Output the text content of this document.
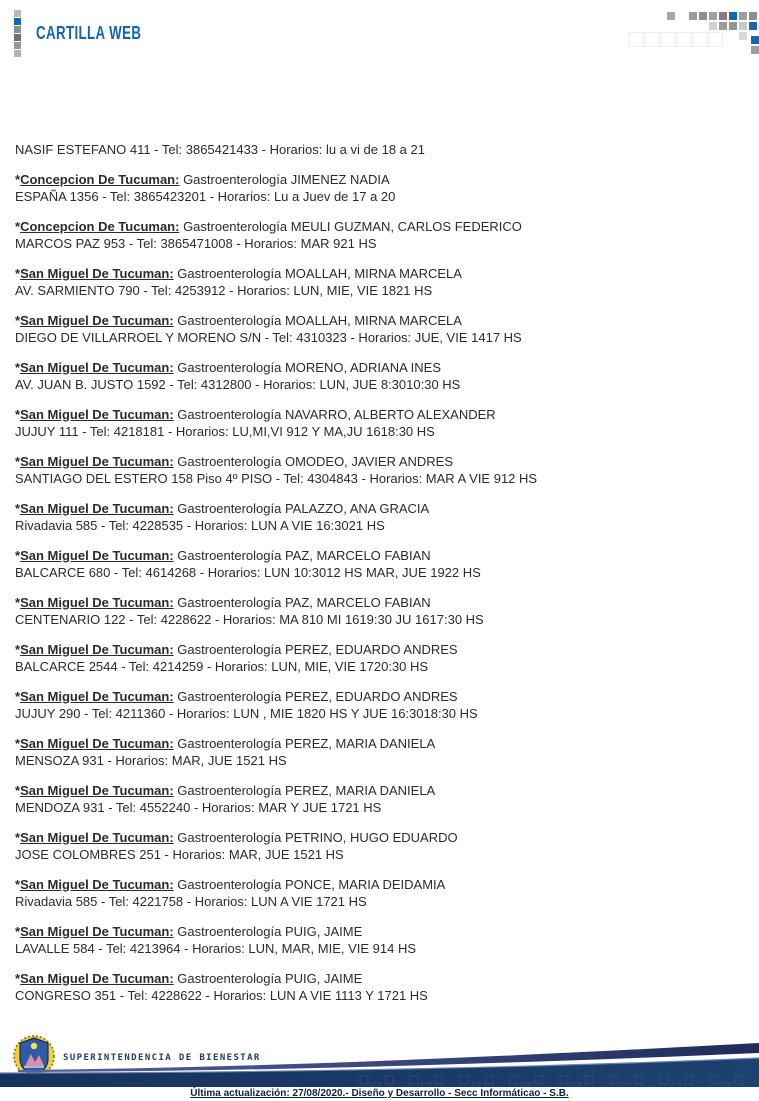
CARTILLA WEB
NASIF ESTEFANO 411 - Tel: 3865421433 - Horarios: lu a vi de 18 a 21
*Concepcion De Tucuman: Gastroenterología JIMENEZ NADIA
ESPAÑA 1356 - Tel: 3865423201 - Horarios: Lu a Juev de 17 a 20
*Concepcion De Tucuman: Gastroenterología MEULI GUZMAN, CARLOS FEDERICO
MARCOS PAZ 953 - Tel: 3865471008 - Horarios: MAR 921 HS
*San Miguel De Tucuman: Gastroenterología MOALLAH, MIRNA MARCELA
AV. SARMIENTO 790 - Tel: 4253912 - Horarios: LUN, MIE, VIE 1821 HS
*San Miguel De Tucuman: Gastroenterología MOALLAH, MIRNA MARCELA
DIEGO DE VILLARROEL Y MORENO S/N - Tel: 4310323 - Horarios: JUE, VIE 1417 HS
*San Miguel De Tucuman: Gastroenterología MORENO, ADRIANA INES
AV. JUAN B. JUSTO 1592 - Tel: 4312800 - Horarios: LUN, JUE 8:3010:30 HS
*San Miguel De Tucuman: Gastroenterología NAVARRO, ALBERTO ALEXANDER
JUJUY 111 - Tel: 4218181 - Horarios: LU,MI,VI 912 Y MA,JU 1618:30 HS
*San Miguel De Tucuman: Gastroenterología OMODEO, JAVIER ANDRES
SANTIAGO DEL ESTERO 158 Piso 4º PISO - Tel: 4304843 - Horarios: MAR A VIE 912 HS
*San Miguel De Tucuman: Gastroenterología PALAZZO, ANA GRACIA
Rivadavia 585 - Tel: 4228535 - Horarios: LUN A VIE 16:3021 HS
*San Miguel De Tucuman: Gastroenterología PAZ, MARCELO FABIAN
BALCARCE 680 - Tel: 4614268 - Horarios: LUN 10:3012 HS MAR, JUE 1922 HS
*San Miguel De Tucuman: Gastroenterología PAZ, MARCELO FABIAN
CENTENARIO 122 - Tel: 4228622 - Horarios: MA 810 MI 1619:30 JU 1617:30 HS
*San Miguel De Tucuman: Gastroenterología PEREZ, EDUARDO ANDRES
BALCARCE 2544 - Tel: 4214259 - Horarios: LUN, MIE, VIE 1720:30 HS
*San Miguel De Tucuman: Gastroenterología PEREZ, EDUARDO ANDRES
JUJUY 290 - Tel: 4211360 - Horarios: LUN , MIE 1820 HS Y JUE 16:3018:30 HS
*San Miguel De Tucuman: Gastroenterología PEREZ, MARIA DANIELA
MENSOZA 931 - Horarios: MAR, JUE 1521 HS
*San Miguel De Tucuman: Gastroenterología PEREZ, MARIA DANIELA
MENDOZA 931 - Tel: 4552240 - Horarios: MAR Y JUE 1721 HS
*San Miguel De Tucuman: Gastroenterología PETRINO, HUGO EDUARDO
JOSE COLOMBRES 251 - Horarios: MAR, JUE 1521 HS
*San Miguel De Tucuman: Gastroenterología PONCE, MARIA DEIDAMIA
Rivadavia 585 - Tel: 4221758 - Horarios: LUN A VIE 1721 HS
*San Miguel De Tucuman: Gastroenterología PUIG, JAIME
LAVALLE 584 - Tel: 4213964 - Horarios: LUN, MAR, MIE, VIE 914 HS
*San Miguel De Tucuman: Gastroenterología PUIG, JAIME
CONGRESO 351 - Tel: 4228622 - Horarios: LUN A VIE 1113 Y 1721 HS
SUPERINTENDENCIA DE BIENESTAR
Última actualización: 27/08/2020.- Diseño y Desarrollo - Secc Informáticao - S.B.
